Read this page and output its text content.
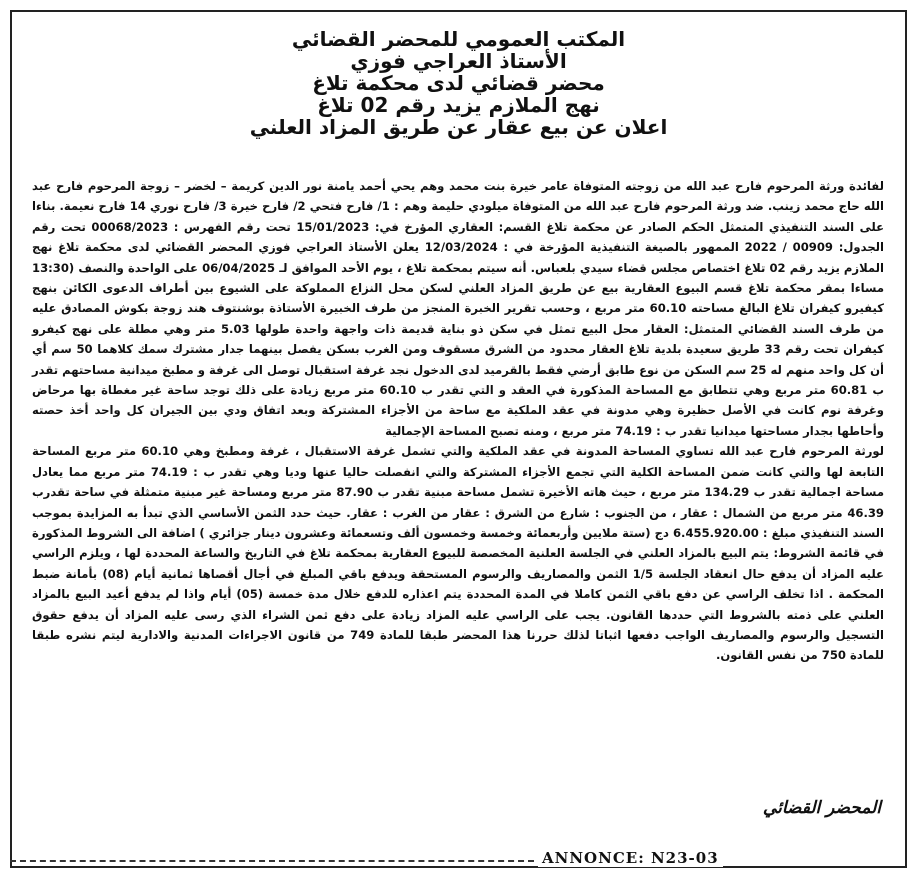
المكتب العمومي للمحضر القضائي

الأستاذ العراجي فوزي

محضر قضائي لدى محكمة تلاغ

نهج الملازم يزيد رقم 02 تلاغ

اعلان عن بيع عقار عن طريق المزاد العلني

لفائدة ورثة المرحوم فارح عبد الله من زوجته المتوفاة عامر خيرة بنت محمد وهم يحي أحمد يامنة نور الدين كريمة – لخضر – زوجة المرحوم فارح عبد الله حاج محمد زينب. ضد ورثة المرحوم فارح عبد الله من المتوفاة ميلودي حليمة وهم : 1/ فارح فتحي 2/ فارح خيرة 3/ فارح نوري 14 فارح نعيمة. بناءا على السند التنفيذي المتمثل الحكم الصادر عن محكمة تلاغ القسم: العقاري المؤرخ في: 15/01/2023 تحت رقم الفهرس : 00068/2023 تحت رقم الجدول: 00909 / 2022 الممهور بالصيغة التنفيذية المؤرخة في : 12/03/2024 يعلن الأستاذ العراجي فوزي المحضر القضائي لدى محكمة تلاغ نهج الملازم يزيد رقم 02 تلاغ اختصاص مجلس قضاء سيدي بلعباس. أنه سيتم بمحكمة تلاغ ، يوم الأحد الموافق لـ 06/04/2025 على الواحدة والنصف (13:30 مساءا بمقر محكمة تلاغ قسم البيوع العقارية بيع عن طريق المزاد العلني لسكن محل النزاع المملوكة على الشيوع بين أطراف الدعوى الكائن بنهج كيفيرو كيفران تلاغ البالغ مساحته 60.10 متر مربع ، وحسب تقرير الخبرة المنجز من طرف الخبيرة الأستاذة بوشنتوف هند زوجة بكوش المصادق عليه من طرف السند القضائي المتمثل: العقار محل البيع تمثل في سكن ذو بناية قديمة ذات واجهة واحدة طولها 5.03 متر وهي مطلة على نهج كيفرو كيفران تحت رقم 33 طريق سعيدة بلدية تلاغ العقار محدود من الشرق مسقوف ومن الغرب بسكن يفصل بينهما جدار مشترك سمك كلاهما 50 سم أي أن كل واحد منهم له 25 سم السكن من نوع طابق أرضي فقط بالقرميد لدى الدخول نجد غرفة استقبال توصل الى غرفة و مطبخ ميدانية مساحتهم تقدر ب 60.81 متر مربع وهي تتطابق مع المساحة المذكورة في العقد و التي تقدر ب 60.10 متر مربع زيادة على ذلك توجد ساحة غير مغطاة بها مرحاض وغرفة نوم كانت في الأصل حظيرة وهي مدونة في عقد الملكية مع ساحة من الأجزاء المشتركة وبعد اتفاق ودي بين الجيران كل واحد أخذ حصته وأحاطها بجدار مساحتها ميدانيا تقدر ب : 74.19 متر مربع ، ومنه تصبح المساحة الإجمالية

لورثة المرحوم فارح عبد الله تساوي المساحة المدونة في عقد الملكية والتي تشمل غرفة الاستقبال ، غرفة ومطبخ وهي 60.10 متر مربع المساحة التابعة لها والتي كانت ضمن المساحة الكلية التي تجمع الأجزاء المشتركة والتي انفصلت حاليا عنها وديا وهي تقدر ب : 74.19 متر مربع مما يعادل مساحة اجمالية تقدر ب 134.29 متر مربع ، حيث هاته الأخيرة تشمل مساحة مبنية تقدر ب 87.90 متر مربع ومساحة غير مبنية متمثلة في ساحة تقدرب 46.39 متر مربع من الشمال : عقار ، من الجنوب : شارع من الشرق : عقار من الغرب : عقار. حيث حدد الثمن الأساسي الذي تبدأ به المزايدة بموجب السند التنفيذي مبلغ : 6.455.920.00 دج (ستة ملايين وأربعمائة وخمسة وخمسون ألف وتسعمائة وعشرون دينار جزائري ) اضافة الى الشروط المذكورة في قائمة الشروط: يتم البيع بالمزاد العلني في الجلسة العلنية المخصصة للبيوع العقارية بمحكمة تلاغ في التاريخ والساعة المحددة لها ، ويلزم الراسي عليه المزاد أن يدفع حال انعقاد الجلسة 1/5 الثمن والمصاريف والرسوم المستحقة ويدفع باقي المبلغ في أجال أقصاها ثمانية أيام (08) بأمانة ضبط المحكمة . اذا تخلف الراسي عن دفع باقي الثمن كاملا في المدة المحددة يتم اعذاره للدفع خلال مدة خمسة (05) أيام واذا لم يدفع أعيد البيع بالمزاد العلني على ذمته بالشروط التي حددها القانون. يجب على الراسي عليه المزاد زيادة على دفع ثمن الشراء الذي رسى عليه المزاد أن يدفع حقوق التسجيل والرسوم والمصاريف الواجب دفعها اثباتا لذلك حررنا هذا المحضر طبقا للمادة 749 من قانون الاجراءات المدنية والادارية ليتم نشره طبقا للمادة 750 من نفس القانون.

المحضر القضائي
ANNONCE: N23-03
